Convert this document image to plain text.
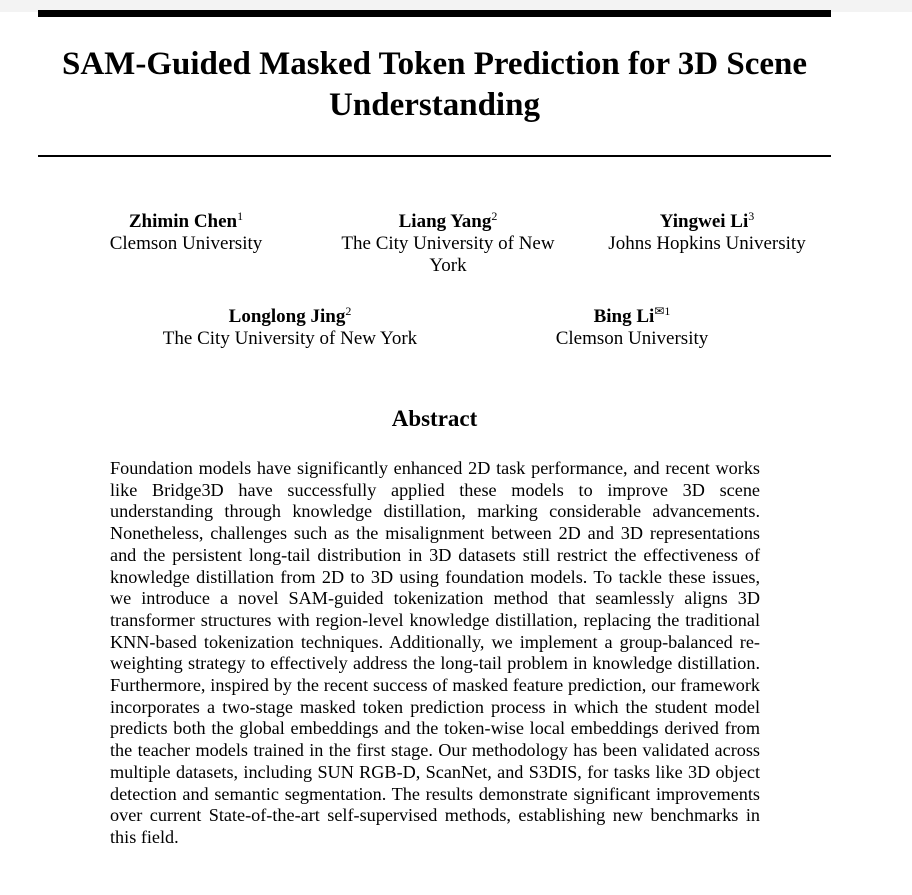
SAM-Guided Masked Token Prediction for 3D Scene Understanding
Zhimin Chen$^1$
Clemson University
Liang Yang$^2$
The City University of New York
Yingwei Li$^3$
Johns Hopkins University
Longlong Jing$^2$
The City University of New York
Bing $Li^{✉1}$
Clemson University
Abstract

Foundation models have significantly enhanced 2D task performance, and recent works like Bridge3D have successfully applied these models to improve 3D scene understanding through knowledge distillation, marking considerable advancements. Nonetheless, challenges such as the misalignment between 2D and 3D representations and the persistent long-tail distribution in 3D datasets still restrict the effectiveness of knowledge distillation from 2D to 3D using foundation models. To tackle these issues, we introduce a novel SAM-guided tokenization method that seamlessly aligns 3D transformer structures with region-level knowledge distillation, replacing the traditional KNN-based tokenization techniques. Additionally, we implement a group-balanced re-weighting strategy to effectively address the long-tail problem in knowledge distillation. Furthermore, inspired by the recent success of masked feature prediction, our framework incorporates a two-stage masked token prediction process in which the student model predicts both the global embeddings and the token-wise local embeddings derived from the teacher models trained in the first stage. Our methodology has been validated across multiple datasets, including SUN RGB-D, ScanNet, and S3DIS, for tasks like 3D object detection and semantic segmentation. The results demonstrate significant improvements over current State-of-the-art self-supervised methods, establishing new benchmarks in this field.
